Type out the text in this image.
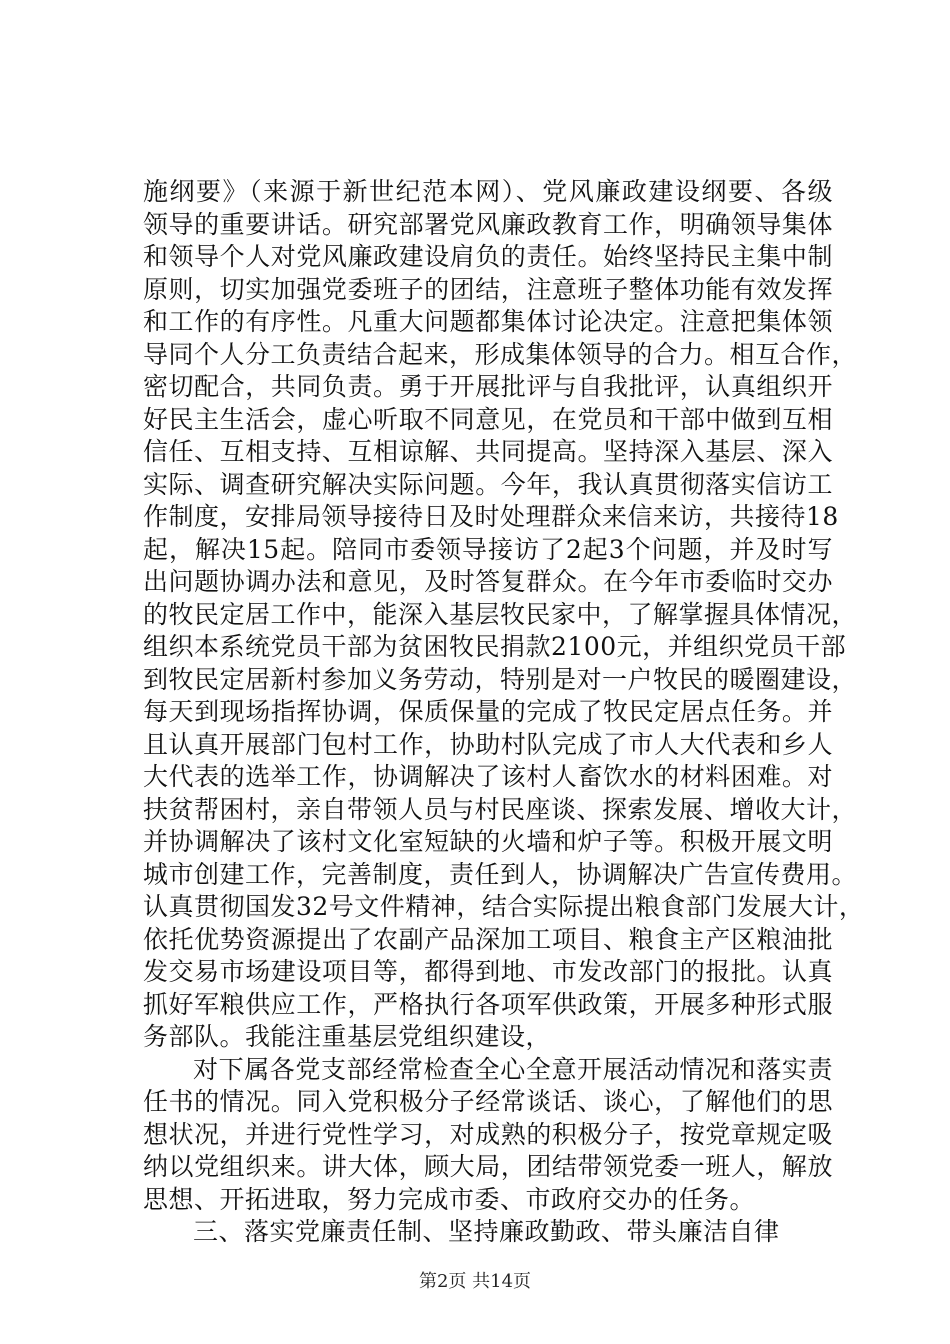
施纲要》（来源于新世纪范本网）、党风廉政建设纲要、各级
领导的重要讲话。研究部署党风廉政教育工作，明确领导集体
和领导个人对党风廉政建设肩负的责任。始终坚持民主集中制
原则，切实加强党委班子的团结，注意班子整体功能有效发挥
和工作的有序性。凡重大问题都集体讨论决定。注意把集体领
导同个人分工负责结合起来，形成集体领导的合力。相互合作，
密切配合，共同负责。勇于开展批评与自我批评，认真组织开
好民主生活会，虚心听取不同意见，在党员和干部中做到互相
信任、互相支持、互相谅解、共同提高。坚持深入基层、深入
实际、调查研究解决实际问题。今年，我认真贯彻落实信访工
作制度，安排局领导接待日及时处理群众来信来访，共接待18
起，解决15起。陪同市委领导接访了2起3个问题，并及时写
出问题协调办法和意见，及时答复群众。在今年市委临时交办
的牧民定居工作中，能深入基层牧民家中，了解掌握具体情况，
组织本系统党员干部为贫困牧民捐款2100元，并组织党员干部
到牧民定居新村参加义务劳动，特别是对一户牧民的暖圈建设，
每天到现场指挥协调，保质保量的完成了牧民定居点任务。并
且认真开展部门包村工作，协助村队完成了市人大代表和乡人
大代表的选举工作，协调解决了该村人畜饮水的材料困难。对
扶贫帮困村，亲自带领人员与村民座谈、探索发展、增收大计，
并协调解决了该村文化室短缺的火墙和炉子等。积极开展文明
城市创建工作，完善制度，责任到人，协调解决广告宣传费用。
认真贯彻国发32号文件精神，结合实际提出粮食部门发展大计，
依托优势资源提出了农副产品深加工项目、粮食主产区粮油批
发交易市场建设项目等，都得到地、市发改部门的报批。认真
抓好军粮供应工作，严格执行各项军供政策，开展多种形式服
务部队。我能注重基层党组织建设，
对下属各党支部经常检查全心全意开展活动情况和落实责
任书的情况。同入党积极分子经常谈话、谈心，了解他们的思
想状况，并进行党性学习，对成熟的积极分子，按党章规定吸
纳以党组织来。讲大体，顾大局，团结带领党委一班人，解放
思想、开拓进取，努力完成市委、市政府交办的任务。
三、落实党廉责任制、坚持廉政勤政、带头廉洁自律
第2页 共14页
